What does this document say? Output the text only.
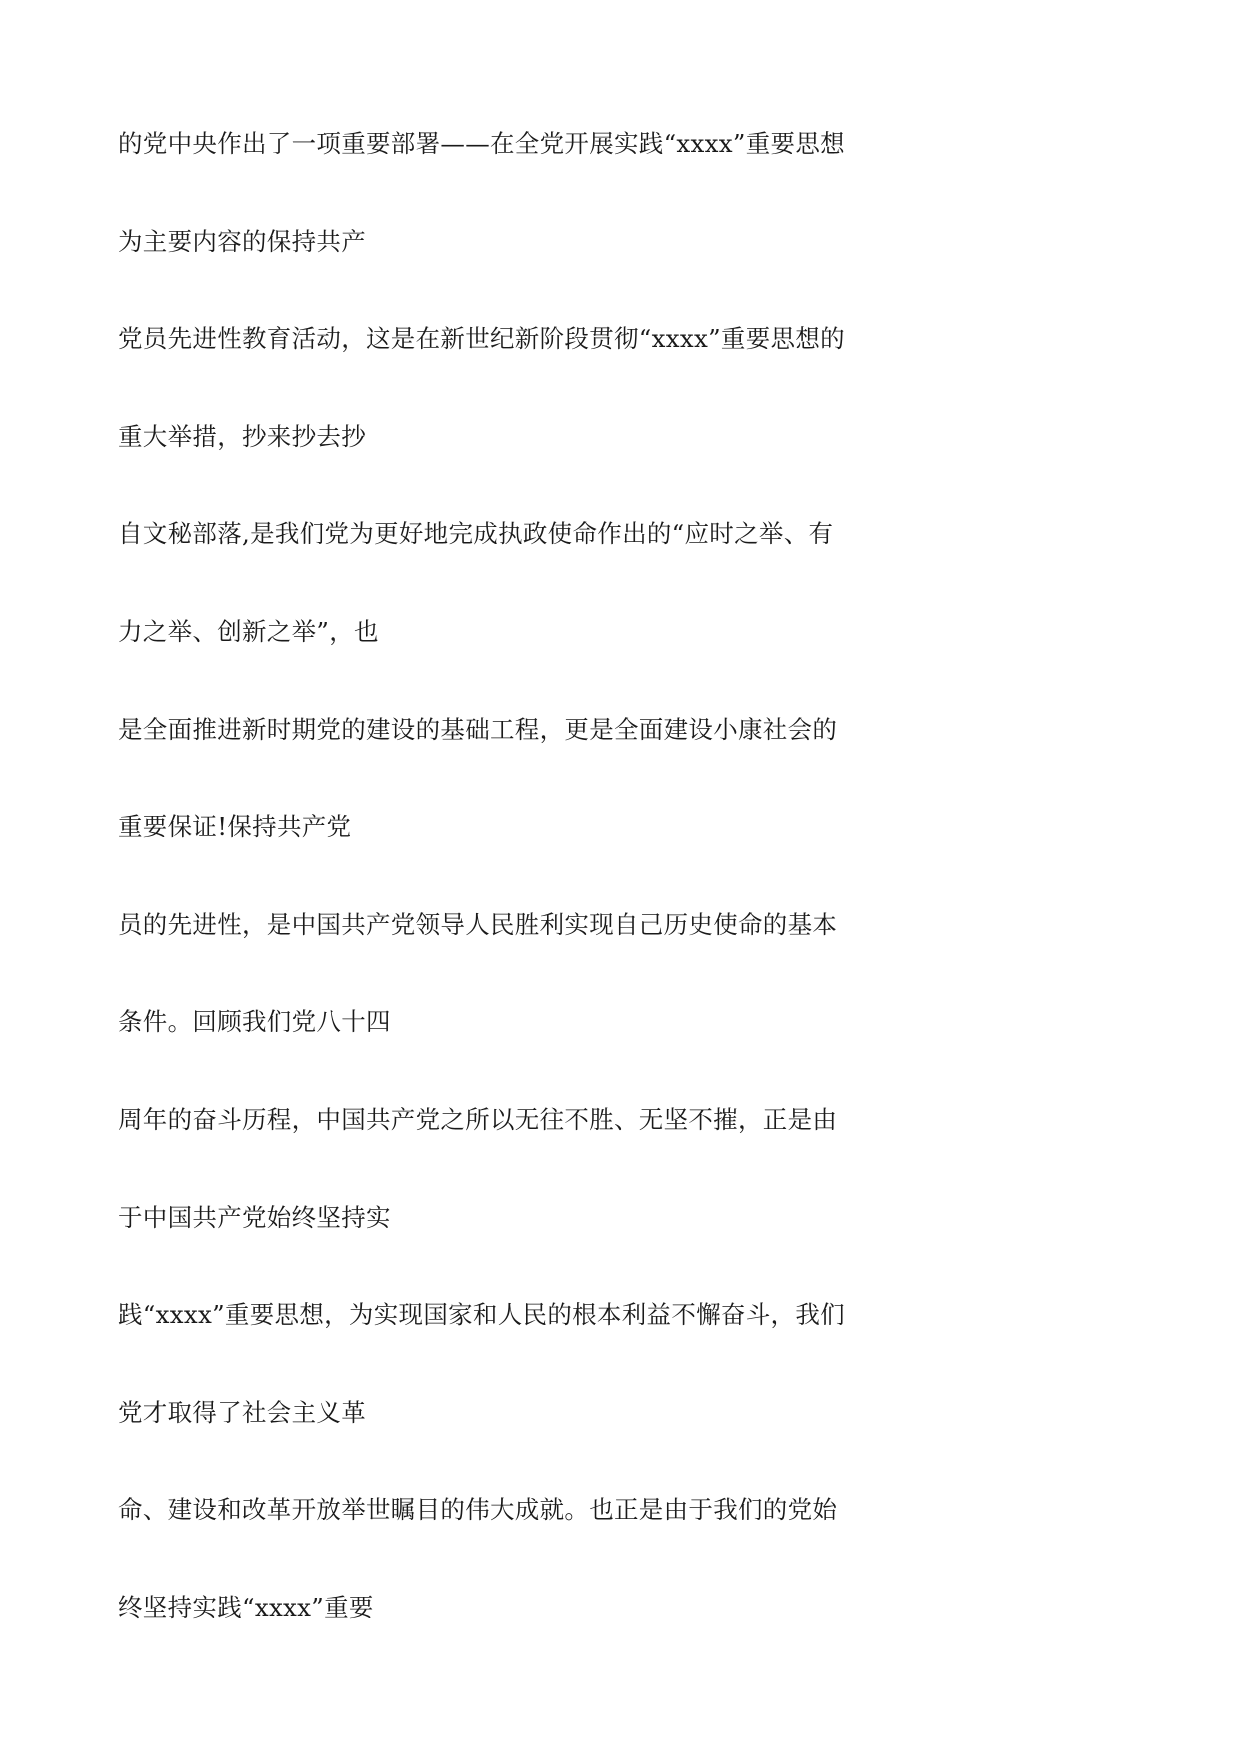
的党中央作出了一项重要部署——在全党开展实践“xxxx”重要思想
为主要内容的保持共产
党员先进性教育活动，这是在新世纪新阶段贯彻“xxxx”重要思想的
重大举措，抄来抄去抄
自文秘部落,是我们党为更好地完成执政使命作出的“应时之举、有
力之举、创新之举”，也
是全面推进新时期党的建设的基础工程，更是全面建设小康社会的
重要保证!保持共产党
员的先进性，是中国共产党领导人民胜利实现自己历史使命的基本
条件。回顾我们党八十四
周年的奋斗历程，中国共产党之所以无往不胜、无坚不摧，正是由
于中国共产党始终坚持实
践“xxxx”重要思想，为实现国家和人民的根本利益不懈奋斗，我们
党才取得了社会主义革
命、建设和改革开放举世瞩目的伟大成就。也正是由于我们的党始
终坚持实践“xxxx”重要
